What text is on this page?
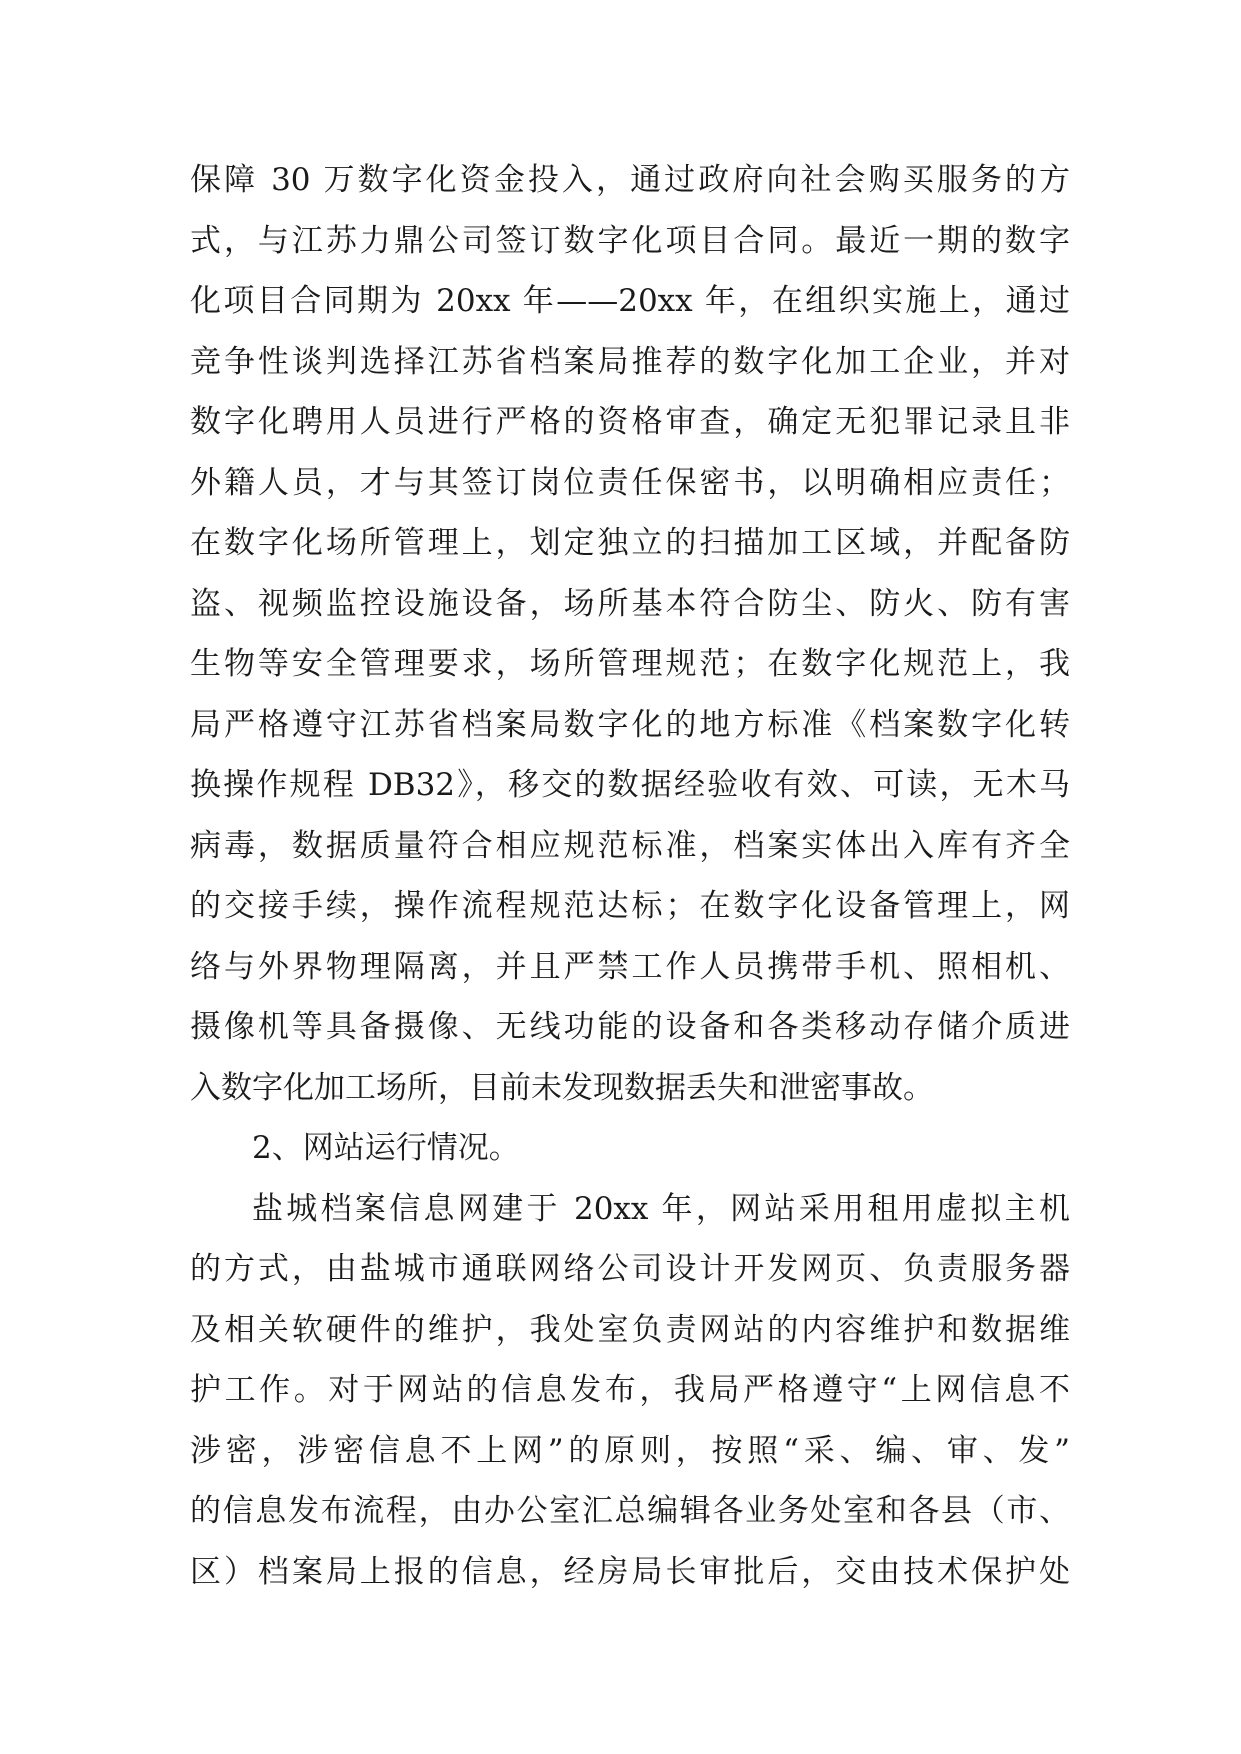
保障 30 万数字化资金投入，通过政府向社会购买服务的方
式，与江苏力鼎公司签订数字化项目合同。最近一期的数字
化项目合同期为 20xx 年——20xx 年，在组织实施上，通过
竞争性谈判选择江苏省档案局推荐的数字化加工企业，并对
数字化聘用人员进行严格的资格审查，确定无犯罪记录且非
外籍人员，才与其签订岗位责任保密书，以明确相应责任；
在数字化场所管理上，划定独立的扫描加工区域，并配备防
盗、视频监控设施设备，场所基本符合防尘、防火、防有害
生物等安全管理要求，场所管理规范；在数字化规范上，我
局严格遵守江苏省档案局数字化的地方标准《档案数字化转
换操作规程 DB32》，移交的数据经验收有效、可读，无木马
病毒，数据质量符合相应规范标准，档案实体出入库有齐全
的交接手续，操作流程规范达标；在数字化设备管理上，网
络与外界物理隔离，并且严禁工作人员携带手机、照相机、
摄像机等具备摄像、无线功能的设备和各类移动存储介质进
入数字化加工场所，目前未发现数据丢失和泄密事故。
2、网站运行情况。
盐城档案信息网建于 20xx 年，网站采用租用虚拟主机
的方式，由盐城市通联网络公司设计开发网页、负责服务器
及相关软硬件的维护，我处室负责网站的内容维护和数据维
护工作。对于网站的信息发布，我局严格遵守“上网信息不
涉密，涉密信息不上网”的原则，按照“采、编、审、发”
的信息发布流程，由办公室汇总编辑各业务处室和各县（市、
区）档案局上报的信息，经房局长审批后，交由技术保护处
